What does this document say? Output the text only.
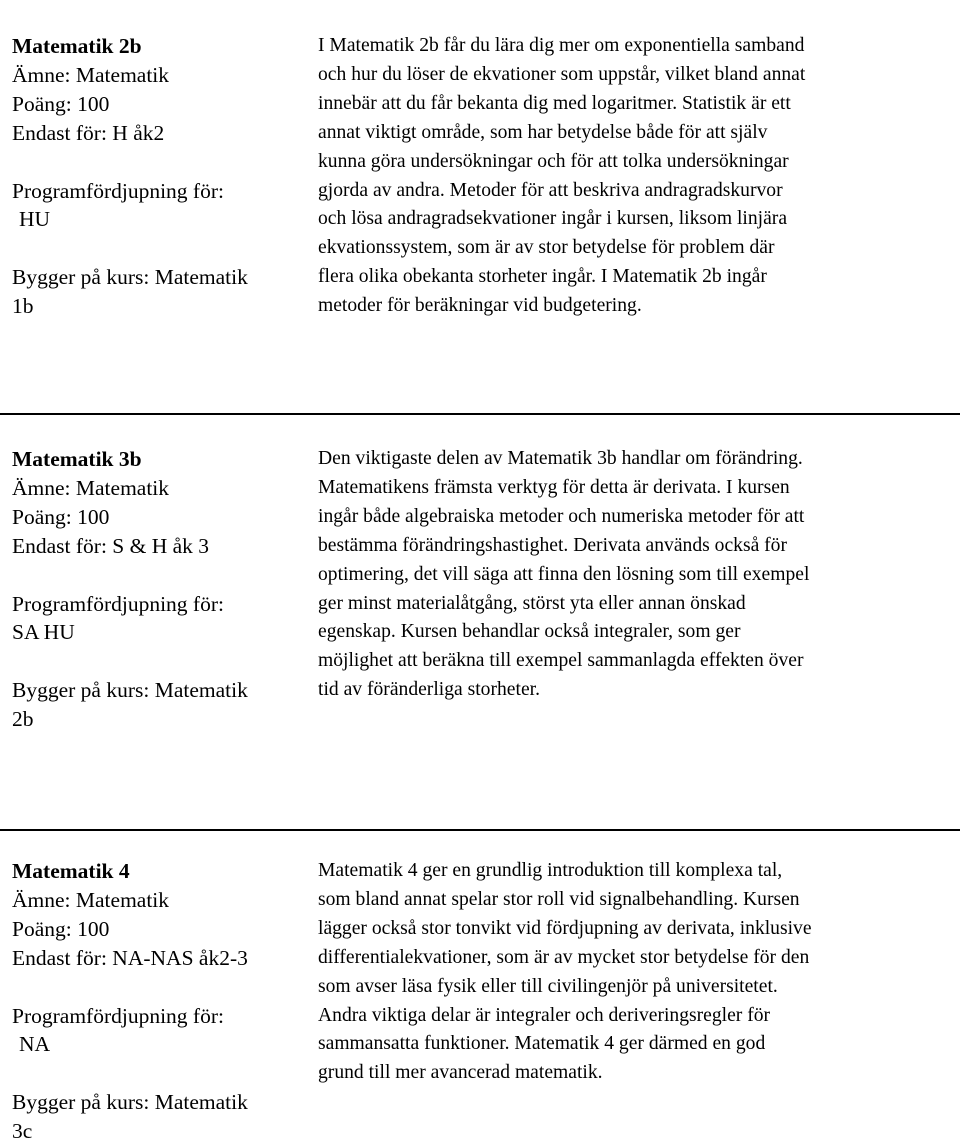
Matematik 2b
Ämne: Matematik
Poäng: 100
Endast för: H åk2
Programfördjupning för:
HU
Bygger på kurs: Matematik
1b
I Matematik 2b får du lära dig mer om exponentiella samband
och hur du löser de ekvationer som uppstår, vilket bland annat
innebär att du får bekanta dig med logaritmer. Statistik är ett
annat viktigt område, som har betydelse både för att själv
kunna göra undersökningar och för att tolka undersökningar
gjorda av andra. Metoder för att beskriva andragradskurvor
och lösa andragradsekvationer ingår i kursen, liksom linjära
ekvationssystem, som är av stor betydelse för problem där
flera olika obekanta storheter ingår. I Matematik 2b ingår
metoder för beräkningar vid budgetering.
Matematik 3b
Ämne: Matematik
Poäng: 100
Endast för: S & H åk 3
Programfördjupning för:
SA HU
Bygger på kurs: Matematik
2b
Den viktigaste delen av Matematik 3b handlar om förändring.
Matematikens främsta verktyg för detta är derivata. I kursen
ingår både algebraiska metoder och numeriska metoder för att
bestämma förändringshastighet. Derivata används också för
optimering, det vill säga att finna den lösning som till exempel
ger minst materialåtgång, störst yta eller annan önskad
egenskap. Kursen behandlar också integraler, som ger
möjlighet att beräkna till exempel sammanlagda effekten över
tid av föränderliga storheter.
Matematik 4
Ämne: Matematik
Poäng: 100
Endast för: NA-NAS åk2-3
Programfördjupning för:
NA
Bygger på kurs: Matematik
3c
Matematik 4 ger en grundlig introduktion till komplexa tal,
som bland annat spelar stor roll vid signalbehandling. Kursen
lägger också stor tonvikt vid fördjupning av derivata, inklusive
differentialekvationer, som är av mycket stor betydelse för den
som avser läsa fysik eller till civilingenjör på universitetet.
Andra viktiga delar är integraler och deriveringsregler för
sammansatta funktioner. Matematik 4 ger därmed en god
grund till mer avancerad matematik.
